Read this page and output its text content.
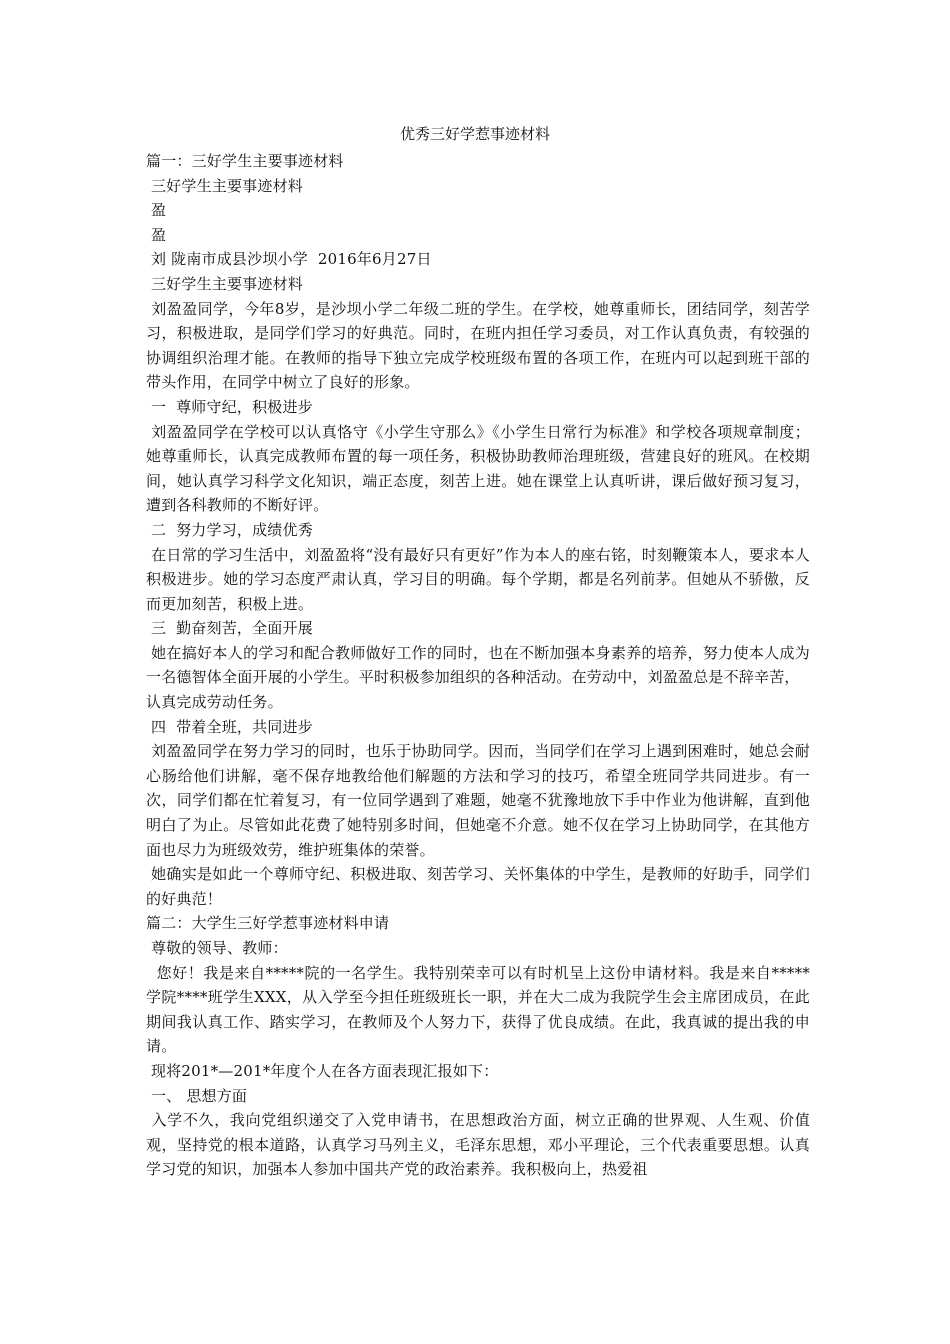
优秀三好学惹事迹材料
篇一：三好学生主要事迹材料
三好学生主要事迹材料
盈
盈
刘 陇南市成县沙坝小学  2016年6月27日
三好学生主要事迹材料
刘盈盈同学，今年8岁，是沙坝小学二年级二班的学生。在学校，她尊重师长，团结同学，刻苦学习，积极进取，是同学们学习的好典范。同时，在班内担任学习委员，对工作认真负责，有较强的协调组织治理才能。在教师的指导下独立完成学校班级布置的各项工作，在班内可以起到班干部的带头作用，在同学中树立了良好的形象。
一  尊师守纪，积极进步
刘盈盈同学在学校可以认真恪守《小学生守那么》《小学生日常行为标准》和学校各项规章制度；她尊重师长，认真完成教师布置的每一项任务，积极协助教师治理班级，营建良好的班风。在校期间，她认真学习科学文化知识，端正态度，刻苦上进。她在课堂上认真听讲，课后做好预习复习，遭到各科教师的不断好评。
二  努力学习，成绩优秀
在日常的学习生活中，刘盈盈将“没有最好只有更好”作为本人的座右铭，时刻鞭策本人，要求本人积极进步。她的学习态度严肃认真，学习目的明确。每个学期，都是名列前茅。但她从不骄傲，反而更加刻苦，积极上进。
三  勤奋刻苦，全面开展
她在搞好本人的学习和配合教师做好工作的同时，也在不断加强本身素养的培养，努力使本人成为一名德智体全面开展的小学生。平时积极参加组织的各种活动。在劳动中，刘盈盈总是不辞辛苦，
认真完成劳动任务。
四  带着全班，共同进步
刘盈盈同学在努力学习的同时，也乐于协助同学。因而，当同学们在学习上遇到困难时，她总会耐心肠给他们讲解，毫不保存地教给他们解题的方法和学习的技巧，希望全班同学共同进步。有一次，同学们都在忙着复习，有一位同学遇到了难题，她毫不犹豫地放下手中作业为他讲解，直到他明白了为止。尽管如此花费了她特别多时间，但她毫不介意。她不仅在学习上协助同学，在其他方面也尽力为班级效劳，维护班集体的荣誉。
她确实是如此一个尊师守纪、积极进取、刻苦学习、关怀集体的中学生，是教师的好助手，同学们的好典范！
篇二：大学生三好学惹事迹材料申请
尊敬的领导、教师：
您好！我是来自*****院的一名学生。我特别荣幸可以有时机呈上这份申请材料。我是来自*****学院****班学生XXX，从入学至今担任班级班长一职，并在大二成为我院学生会主席团成员，在此期间我认真工作、踏实学习，在教师及个人努力下，获得了优良成绩。在此，我真诚的提出我的申请。
现将201*—201*年度个人在各方面表现汇报如下：
一、 思想方面
入学不久，我向党组织递交了入党申请书，在思想政治方面，树立正确的世界观、人生观、价值观，坚持党的根本道路，认真学习马列主义，毛泽东思想，邓小平理论，三个代表重要思想。认真学习党的知识，加强本人参加中国共产党的政治素养。我积极向上，热爱祖
